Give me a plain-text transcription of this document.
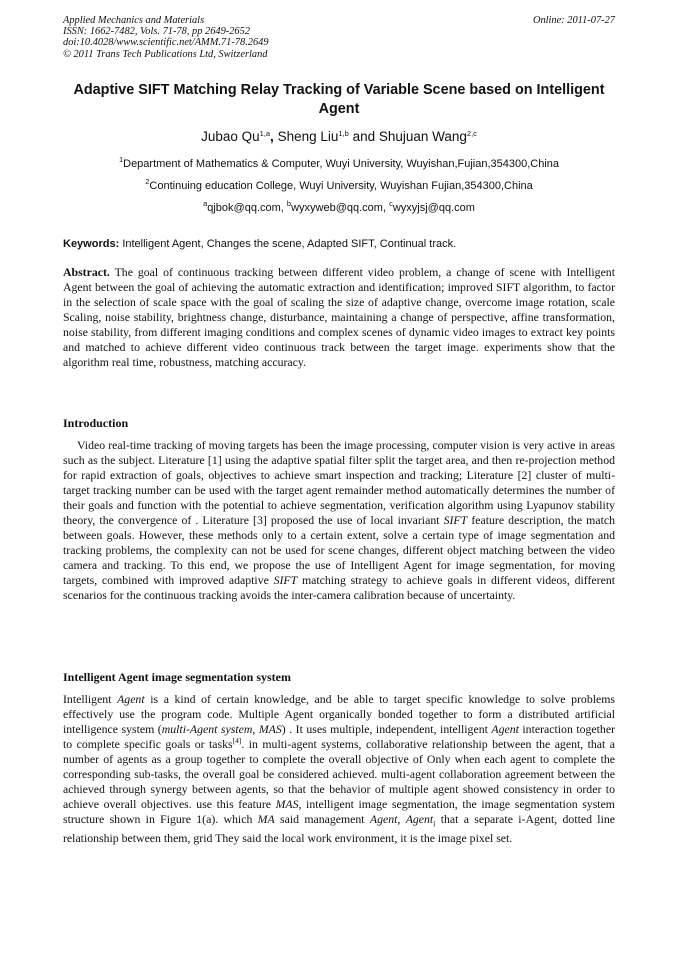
Applied Mechanics and Materials
ISSN: 1662-7482, Vols. 71-78, pp 2649-2652
doi:10.4028/www.scientific.net/AMM.71-78.2649
© 2011 Trans Tech Publications Ltd, Switzerland
Online: 2011-07-27
Adaptive SIFT Matching Relay Tracking of Variable Scene based on Intelligent Agent
Jubao Qu$^{1,a}$, Sheng Liu$^{1,b}$ and Shujuan Wang$^{2,c}$
$^1$Department of Mathematics & Computer, Wuyi University, Wuyishan,Fujian,354300,China
$^2$Continuing education College, Wuyi University, Wuyishan Fujian,354300,China
$^a$qjbok@qq.com, $^b$wyxyweb@qq.com, $^c$wyxyjsj@qq.com
Keywords: Intelligent Agent, Changes the scene, Adapted SIFT, Continual track.

Abstract. The goal of continuous tracking between different video problem, a change of scene with Intelligent Agent between the goal of achieving the automatic extraction and identification; improved SIFT algorithm, to factor in the selection of scale space with the goal of scaling the size of adaptive change, overcome image rotation, scale Scaling, noise stability, brightness change, disturbance, maintaining a change of perspective, affine transformation, noise stability, from different imaging conditions and complex scenes of dynamic video images to extract key points and matched to achieve different video continuous track between the target image. experiments show that the algorithm real time, robustness, matching accuracy.

Introduction

Video real-time tracking of moving targets has been the image processing, computer vision is very active in areas such as the subject. Literature [1] using the adaptive spatial filter split the target area, and then re-projection method for rapid extraction of goals, objectives to achieve smart inspection and tracking; Literature [2] cluster of multi-target tracking number can be used with the target agent remainder method automatically determines the number of their goals and function with the potential to achieve segmentation, verification algorithm using Lyapunov stability theory, the convergence of . Literature [3] proposed the use of local invariant SIFT feature description, the match between goals. However, these methods only to a certain extent, solve a certain type of image segmentation and tracking problems, the complexity can not be used for scene changes, different object matching between the video camera and tracking. To this end, we propose the use of Intelligent Agent for image segmentation, for moving targets, combined with improved adaptive SIFT matching strategy to achieve goals in different videos, different scenarios for the continuous tracking avoids the inter-camera calibration because of uncertainty.

Intelligent Agent image segmentation system

Intelligent Agent is a kind of certain knowledge, and be able to target specific knowledge to solve problems effectively use the program code. Multiple Agent organically bonded together to form a distributed artificial intelligence system (multi-Agent system, MAS) . It uses multiple, independent, intelligent Agent interaction together to complete specific goals or tasks[4]. in multi-agent systems, collaborative relationship between the agent, that a number of agents as a group together to complete the overall objective of Only when each agent to complete the corresponding sub-tasks, the overall goal be considered achieved. multi-agent collaboration agreement between the achieved through synergy between agents, so that the behavior of multiple agent showed consistency in order to achieve overall objectives. use this feature MAS, intelligent image segmentation, the image segmentation system structure shown in Figure 1(a). which MA said management Agent, Agent$_i$ that a separate i-Agent, dotted line relationship between them, grid They said the local work environment, it is the image pixel set.
